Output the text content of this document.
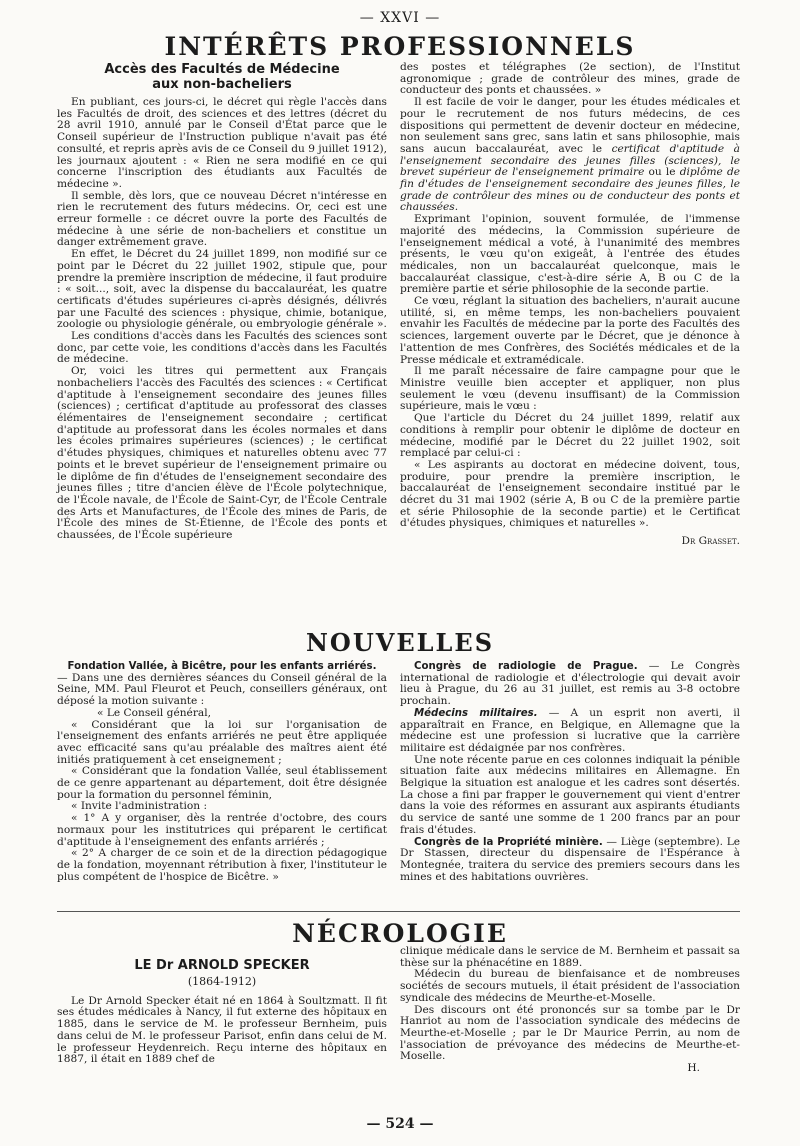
— XXVI —
INTÉRÊTS PROFESSIONNELS
Accès des Facultés de Médecine
aux non-bacheliers

En publiant, ces jours-ci, le décret qui règle l'accès dans les Facultés de droit, des sciences et des lettres (décret du 28 avril 1910, annulé par le Conseil d'État parce que le Conseil supérieur de l'Instruction publique n'avait pas été consulté, et repris après avis de ce Conseil du 9 juillet 1912), les journaux ajoutent : « Rien ne sera modifié en ce qui concerne l'inscription des étudiants aux Facultés de médecine ».

Il semble, dès lors, que ce nouveau Décret n'intéresse en rien le recrutement des futurs médecins. Or, ceci est une erreur formelle : ce décret ouvre la porte des Facultés de médecine à une série de non-bacheliers et constitue un danger extrêmement grave.

En effet, le Décret du 24 juillet 1899, non modifié sur ce point par le Décret du 22 juillet 1902, stipule que, pour prendre la première inscription de médecine, il faut produire : « soit..., soit, avec la dispense du baccalauréat, les quatre certificats d'études supérieures ci-après désignés, délivrés par une Faculté des sciences : physique, chimie, botanique, zoologie ou physiologie générale, ou embryologie générale ».

Les conditions d'accès dans les Facultés des sciences sont donc, par cette voie, les conditions d'accès dans les Facultés de médecine.

Or, voici les titres qui permettent aux Français nonbacheliers l'accès des Facultés des sciences : « Certificat d'aptitude à l'enseignement secondaire des jeunes filles (sciences) ; certificat d'aptitude au professorat des classes élémentaires de l'enseignement secondaire ; certificat d'aptitude au professorat dans les écoles normales et dans les écoles primaires supérieures (sciences) ; le certificat d'études physiques, chimiques et naturelles obtenu avec 77 points et le brevet supérieur de l'enseignement primaire ou le diplôme de fin d'études de l'enseignement secondaire des jeunes filles ; titre d'ancien élève de l'École polytechnique, de l'École navale, de l'École de Saint-Cyr, de l'École Centrale des Arts et Manufactures, de l'École des mines de Paris, de l'École des mines de St-Étienne, de l'École des ponts et chaussées, de l'École supérieure

des postes et télégraphes (2e section), de l'Institut agronomique ; grade de contrôleur des mines, grade de conducteur des ponts et chaussées. »

Il est facile de voir le danger, pour les études médicales et pour le recrutement de nos futurs médecins, de ces dispositions qui permettent de devenir docteur en médecine, non seulement sans grec, sans latin et sans philosophie, mais sans aucun baccalauréat, avec le certificat d'aptitude à l'enseignement secondaire des jeunes filles (sciences), le brevet supérieur de l'enseignement primaire ou le diplôme de fin d'études de l'enseignement secondaire des jeunes filles, le grade de contrôleur des mines ou de conducteur des ponts et chaussées.

Exprimant l'opinion, souvent formulée, de l'immense majorité des médecins, la Commission supérieure de l'enseignement médical a voté, à l'unanimité des membres présents, le vœu qu'on exigeât, à l'entrée des études médicales, non un baccalauréat quelconque, mais le baccalauréat classique, c'est-à-dire série A, B ou C de la première partie et série philosophie de la seconde partie.

Ce vœu, réglant la situation des bacheliers, n'aurait aucune utilité, si, en même temps, les non-bacheliers pouvaient envahir les Facultés de médecine par la porte des Facultés des sciences, largement ouverte par le Décret, que je dénonce à l'attention de mes Confrères, des Sociétés médicales et de la Presse médicale et extramédicale.

Il me paraît nécessaire de faire campagne pour que le Ministre veuille bien accepter et appliquer, non plus seulement le vœu (devenu insuffisant) de la Commission supérieure, mais le vœu :

Que l'article du Décret du 24 juillet 1899, relatif aux conditions à remplir pour obtenir le diplôme de docteur en médecine, modifié par le Décret du 22 juillet 1902, soit remplacé par celui-ci :

« Les aspirants au doctorat en médecine doivent, tous, produire, pour prendre la première inscription, le baccalauréat de l'enseignement secondaire institué par le décret du 31 mai 1902 (série A, B ou C de la première partie et série Philosophie de la seconde partie) et le Certificat d'études physiques, chimiques et naturelles ».

Dr Grasset.

NOUVELLES

Fondation Vallée, à Bicêtre, pour les enfants arriérés.

— Dans une des dernières séances du Conseil général de la Seine, MM. Paul Fleurot et Peuch, conseillers généraux, ont déposé la motion suivante :

« Le Conseil général,

« Considérant que la loi sur l'organisation de l'enseignement des enfants arriérés ne peut être appliquée avec efficacité sans qu'au préalable des maîtres aient été initiés pratiquement à cet enseignement ;

« Considérant que la fondation Vallée, seul établissement de ce genre appartenant au département, doit être désignée pour la formation du personnel féminin,

« Invite l'administration :

« 1° A y organiser, dès la rentrée d'octobre, des cours normaux pour les institutrices qui préparent le certificat d'aptitude à l'enseignement des enfants arriérés ;

« 2° A charger de ce soin et de la direction pédagogique de la fondation, moyennant rétribution à fixer, l'instituteur le plus compétent de l'hospice de Bicêtre. »

Congrès de radiologie de Prague. — Le Congrès international de radiologie et d'électrologie qui devait avoir lieu à Prague, du 26 au 31 juillet, est remis au 3-8 octobre prochain.

Médecins militaires. — A un esprit non averti, il apparaîtrait en France, en Belgique, en Allemagne que la médecine est une profession si lucrative que la carrière militaire est dédaignée par nos confrères.

Une note récente parue en ces colonnes indiquait la pénible situation faite aux médecins militaires en Allemagne. En Belgique la situation est analogue et les cadres sont désertés. La chose a fini par frapper le gouvernement qui vient d'entrer dans la voie des réformes en assurant aux aspirants étudiants du service de santé une somme de 1 200 francs par an pour frais d'études.

Congrès de la Propriété minière. — Liège (septembre). Le Dr Stassen, directeur du dispensaire de l'Espérance à Montegnée, traitera du service des premiers secours dans les mines et des habitations ouvrières.

NÉCROLOGIE
LE Dr ARNOLD SPECKER
(1864-1912)

Le Dr Arnold Specker était né en 1864 à Soultzmatt. Il fit ses études médicales à Nancy, il fut externe des hôpitaux en 1885, dans le service de M. le professeur Bernheim, puis dans celui de M. le professeur Parisot, enfin dans celui de M. le professeur Heydenreich. Reçu interne des hôpitaux en 1887, il était en 1889 chef de

clinique médicale dans le service de M. Bernheim et passait sa thèse sur la phénacétine en 1889.

Médecin du bureau de bienfaisance et de nombreuses sociétés de secours mutuels, il était président de l'association syndicale des médecins de Meurthe-et-Moselle.

Des discours ont été prononcés sur sa tombe par le Dr Hanriot au nom de l'association syndicale des médecins de Meurthe-et-Moselle ; par le Dr Maurice Perrin, au nom de l'association de prévoyance des médecins de Meurthe-et-Moselle.

H.

— 524 —
